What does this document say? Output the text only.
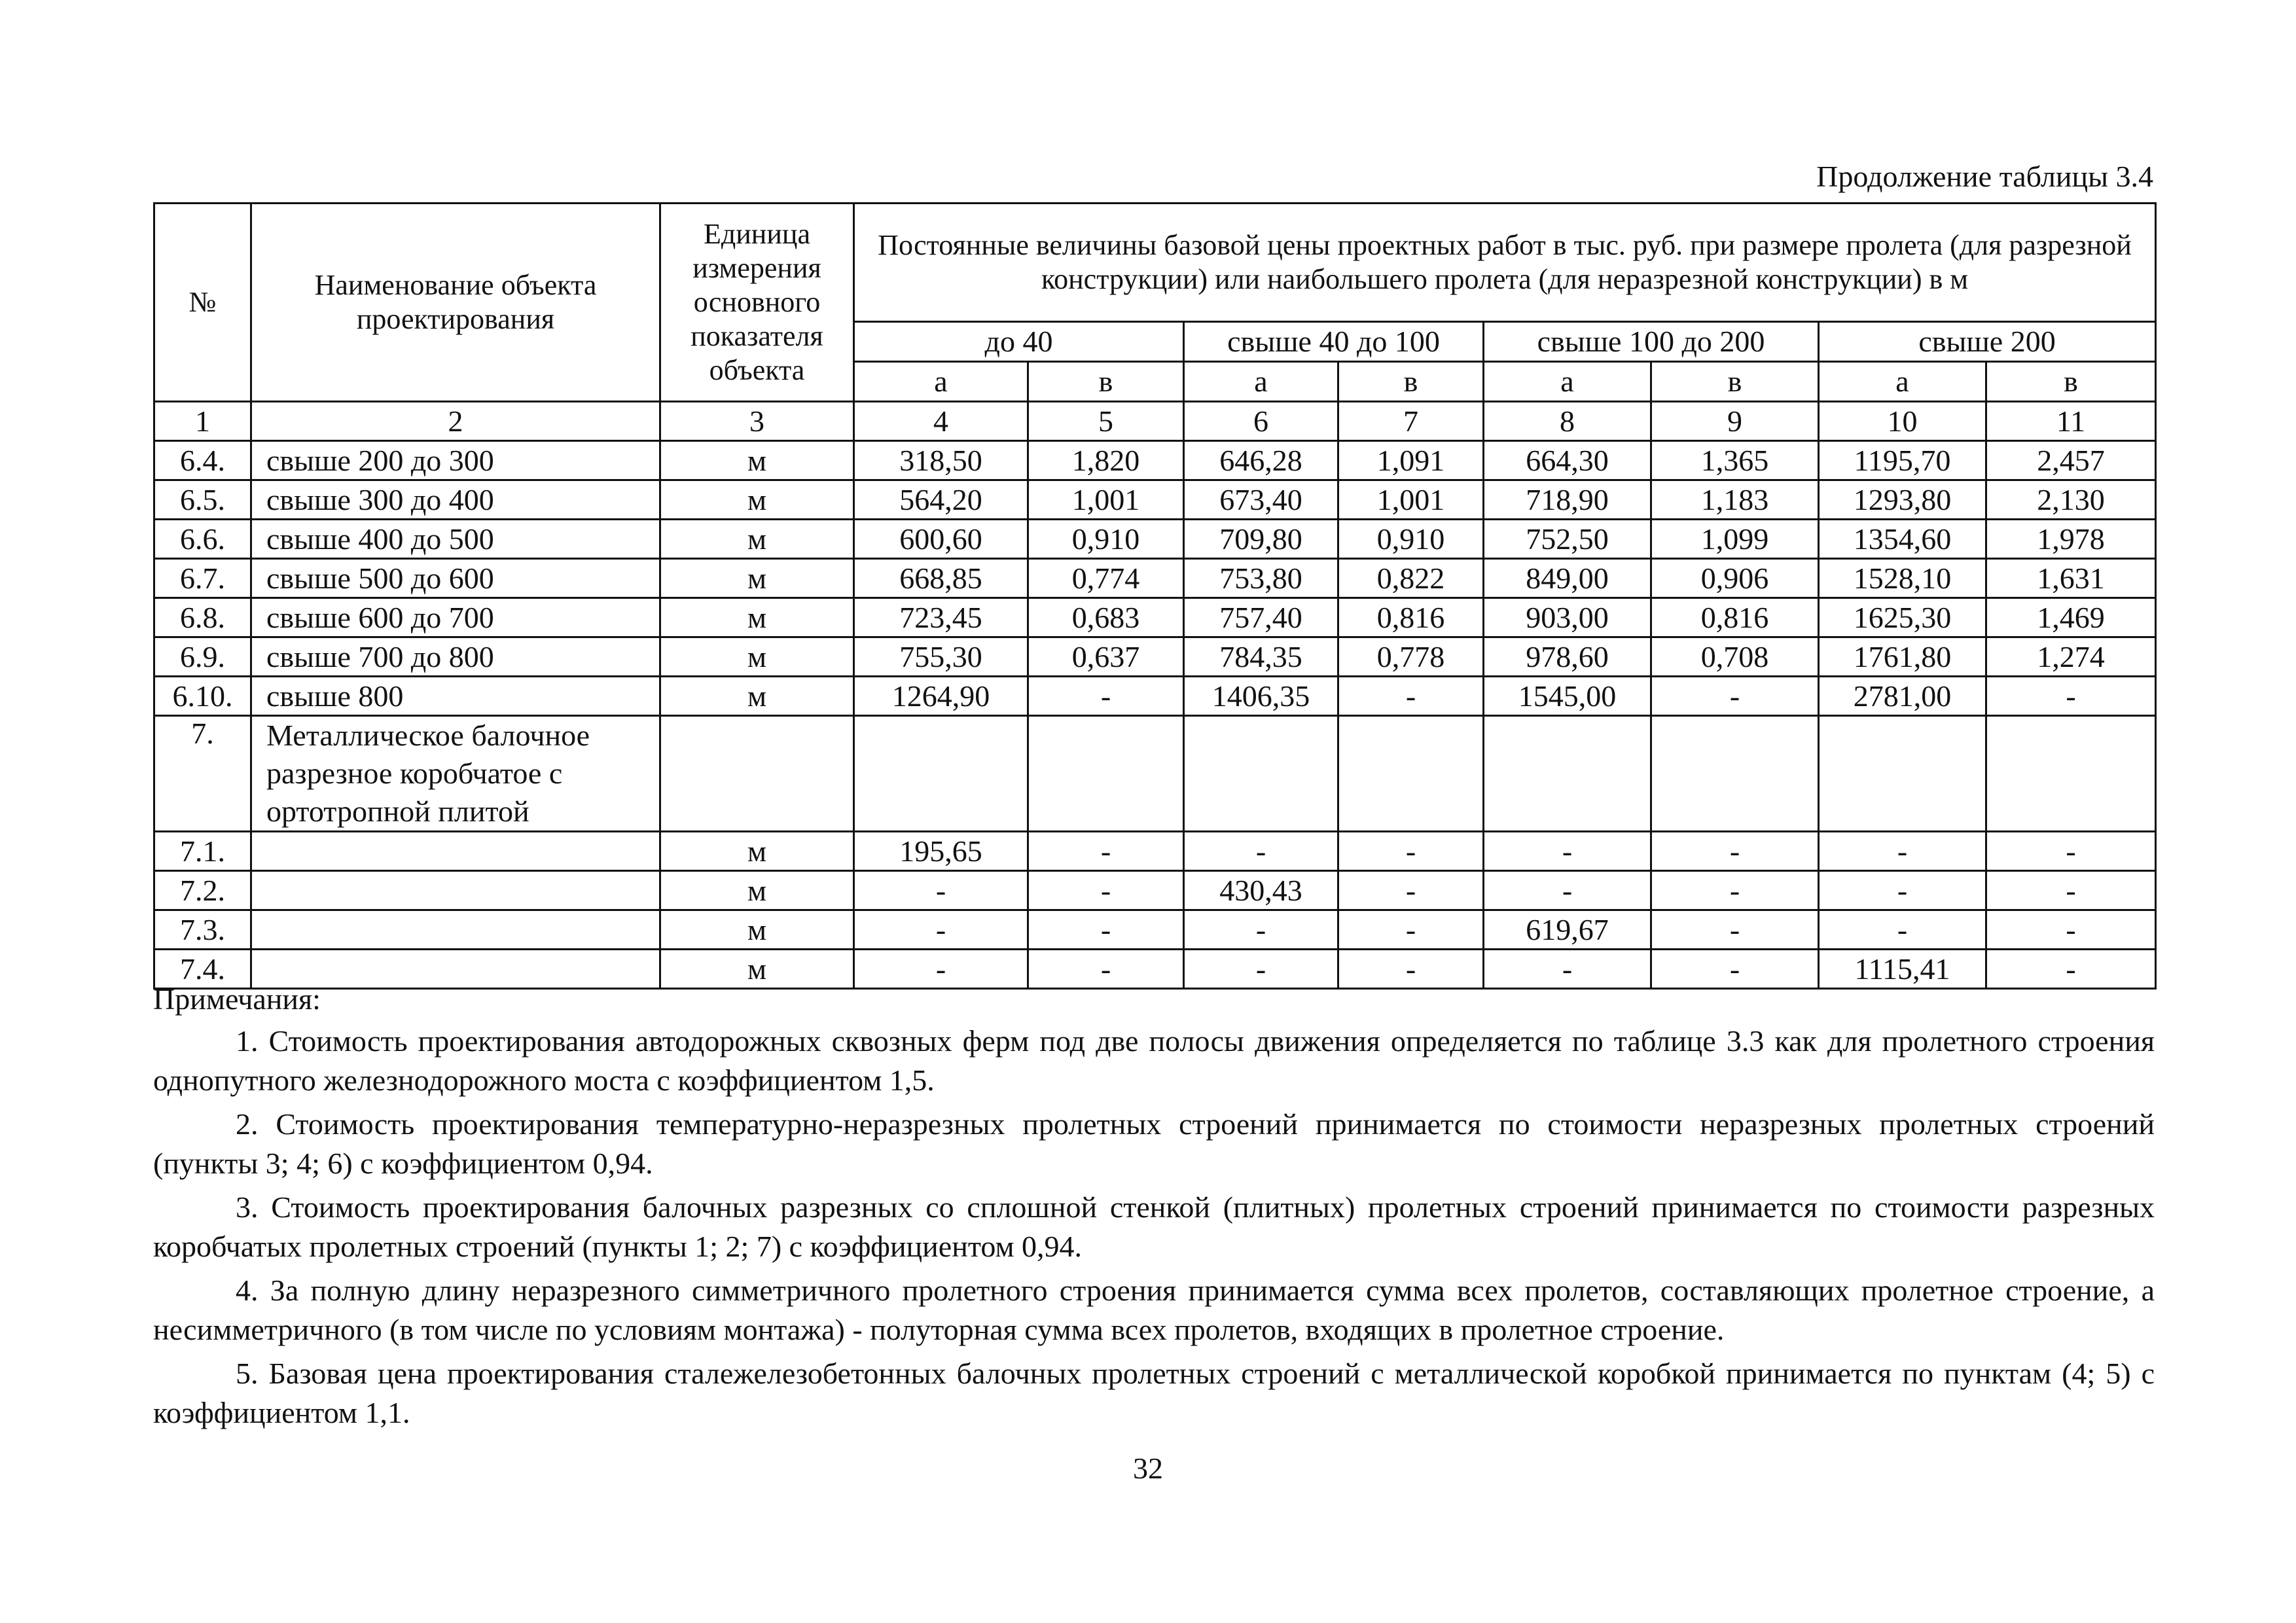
Продолжение таблицы 3.4
№	Наименование объекта проектирования	Единица измерения основного показателя объекта	Постоянные величины базовой цены проектных работ в тыс. руб. при размере пролета (для разрезной конструкции) или наибольшего пролета (для неразрезной конструкции) в м							
			до 40		свыше 40 до 100		свыше 100 до 200		свыше 200	
			а	в	а	в	а	в	а	в
1	2	3	4	5	6	7	8	9	10	11
6.4.	свыше 200 до 300	м	318,50	1,820	646,28	1,091	664,30	1,365	1195,70	2,457
6.5.	свыше 300 до 400	м	564,20	1,001	673,40	1,001	718,90	1,183	1293,80	2,130
6.6.	свыше 400 до 500	м	600,60	0,910	709,80	0,910	752,50	1,099	1354,60	1,978
6.7.	свыше 500 до 600	м	668,85	0,774	753,80	0,822	849,00	0,906	1528,10	1,631
6.8.	свыше 600 до 700	м	723,45	0,683	757,40	0,816	903,00	0,816	1625,30	1,469
6.9.	свыше 700 до 800	м	755,30	0,637	784,35	0,778	978,60	0,708	1761,80	1,274
6.10.	свыше 800	м	1264,90	-	1406,35	-	1545,00	-	2781,00	-
7.	Металлическое балочное разрезное коробчатое с ортотропной плитой									
7.1.		м	195,65	-	-	-	-	-	-	-
7.2.		м	-	-	430,43	-	-	-	-	-
7.3.		м	-	-	-	-	619,67	-	-	-
7.4.		м	-	-	-	-	-	-	1115,41	-
Примечания:

1. Стоимость проектирования автодорожных сквозных ферм под две полосы движения определяется по таблице 3.3 как для пролетного строения однопутного железнодорожного моста с коэффициентом 1,5.

2. Стоимость проектирования температурно-неразрезных пролетных строений принимается по стоимости неразрезных пролетных строений (пункты 3; 4; 6) с коэффициентом 0,94.

3. Стоимость проектирования балочных разрезных со сплошной стенкой (плитных) пролетных строений принимается по стоимости разрезных коробчатых пролетных строений (пункты 1; 2; 7) с коэффициентом 0,94.

4. За полную длину неразрезного симметричного пролетного строения принимается сумма всех пролетов, составляющих пролетное строение, а несимметричного (в том числе по условиям монтажа) - полуторная сумма всех пролетов, входящих в пролетное строение.

5. Базовая цена проектирования сталежелезобетонных балочных пролетных строений с металлической коробкой принимается по пунктам (4; 5) с коэффициентом 1,1.

32
